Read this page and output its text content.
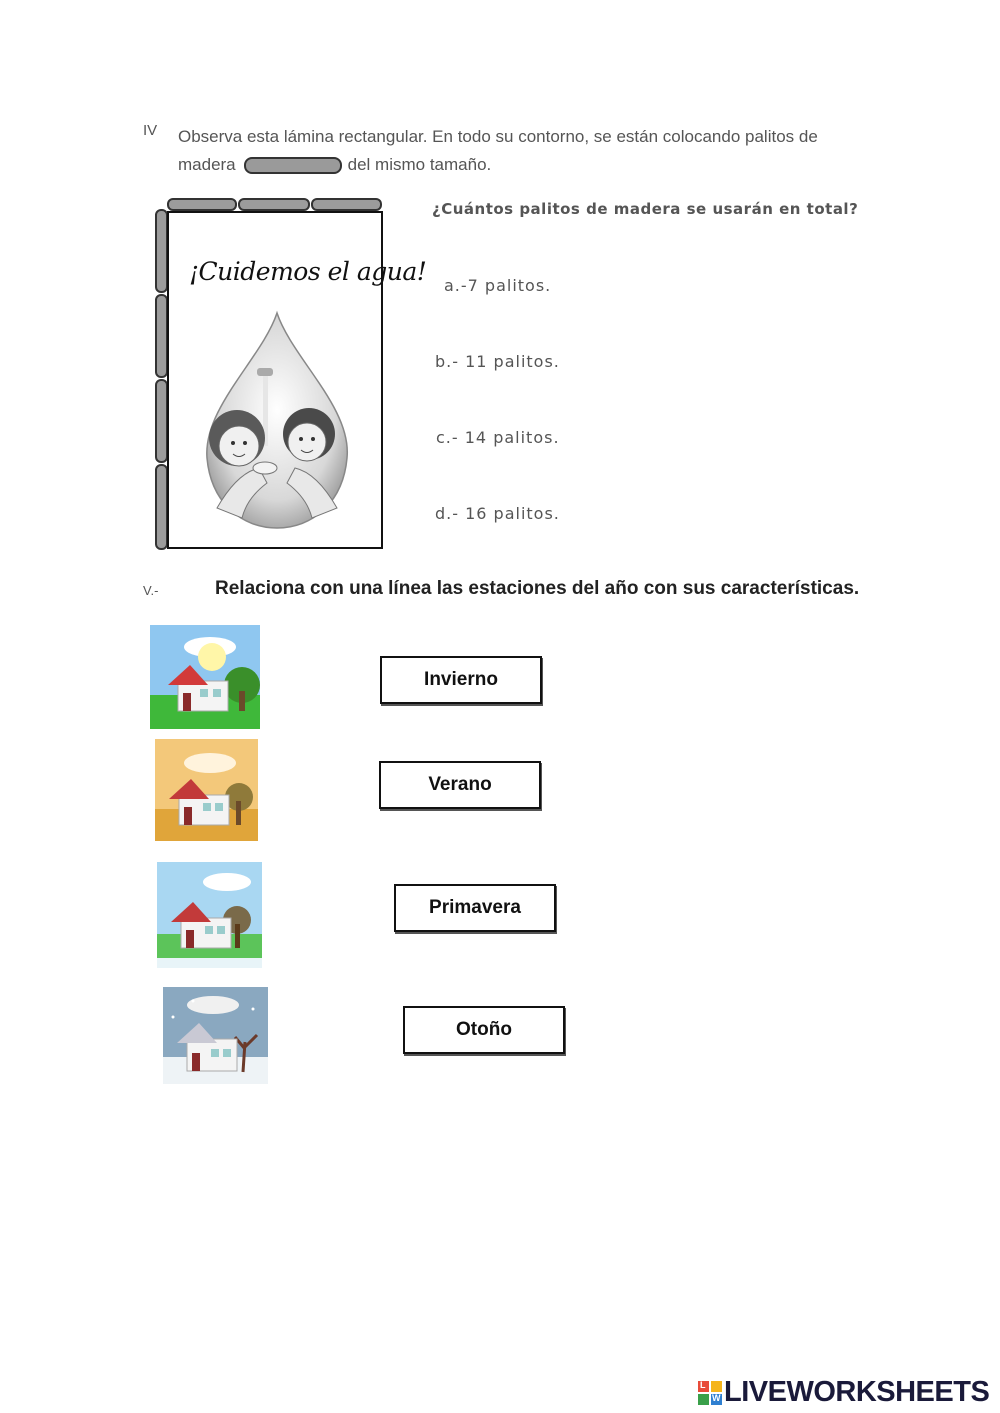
IV Observa esta lámina rectangular. En todo su contorno, se están colocando palitos de
madera	del mismo tamaño.
¡Cuidemos el agua!
¿Cuántos palitos de madera se usarán en total?
a.-7 palitos.
b.- 11 palitos.
c.- 14 palitos.
d.- 16 palitos.
V.-	Relaciona con una línea las estaciones del año con sus características.
Invierno
Verano
Primavera
Otoño
L
W LIVEWORKSHEETS
